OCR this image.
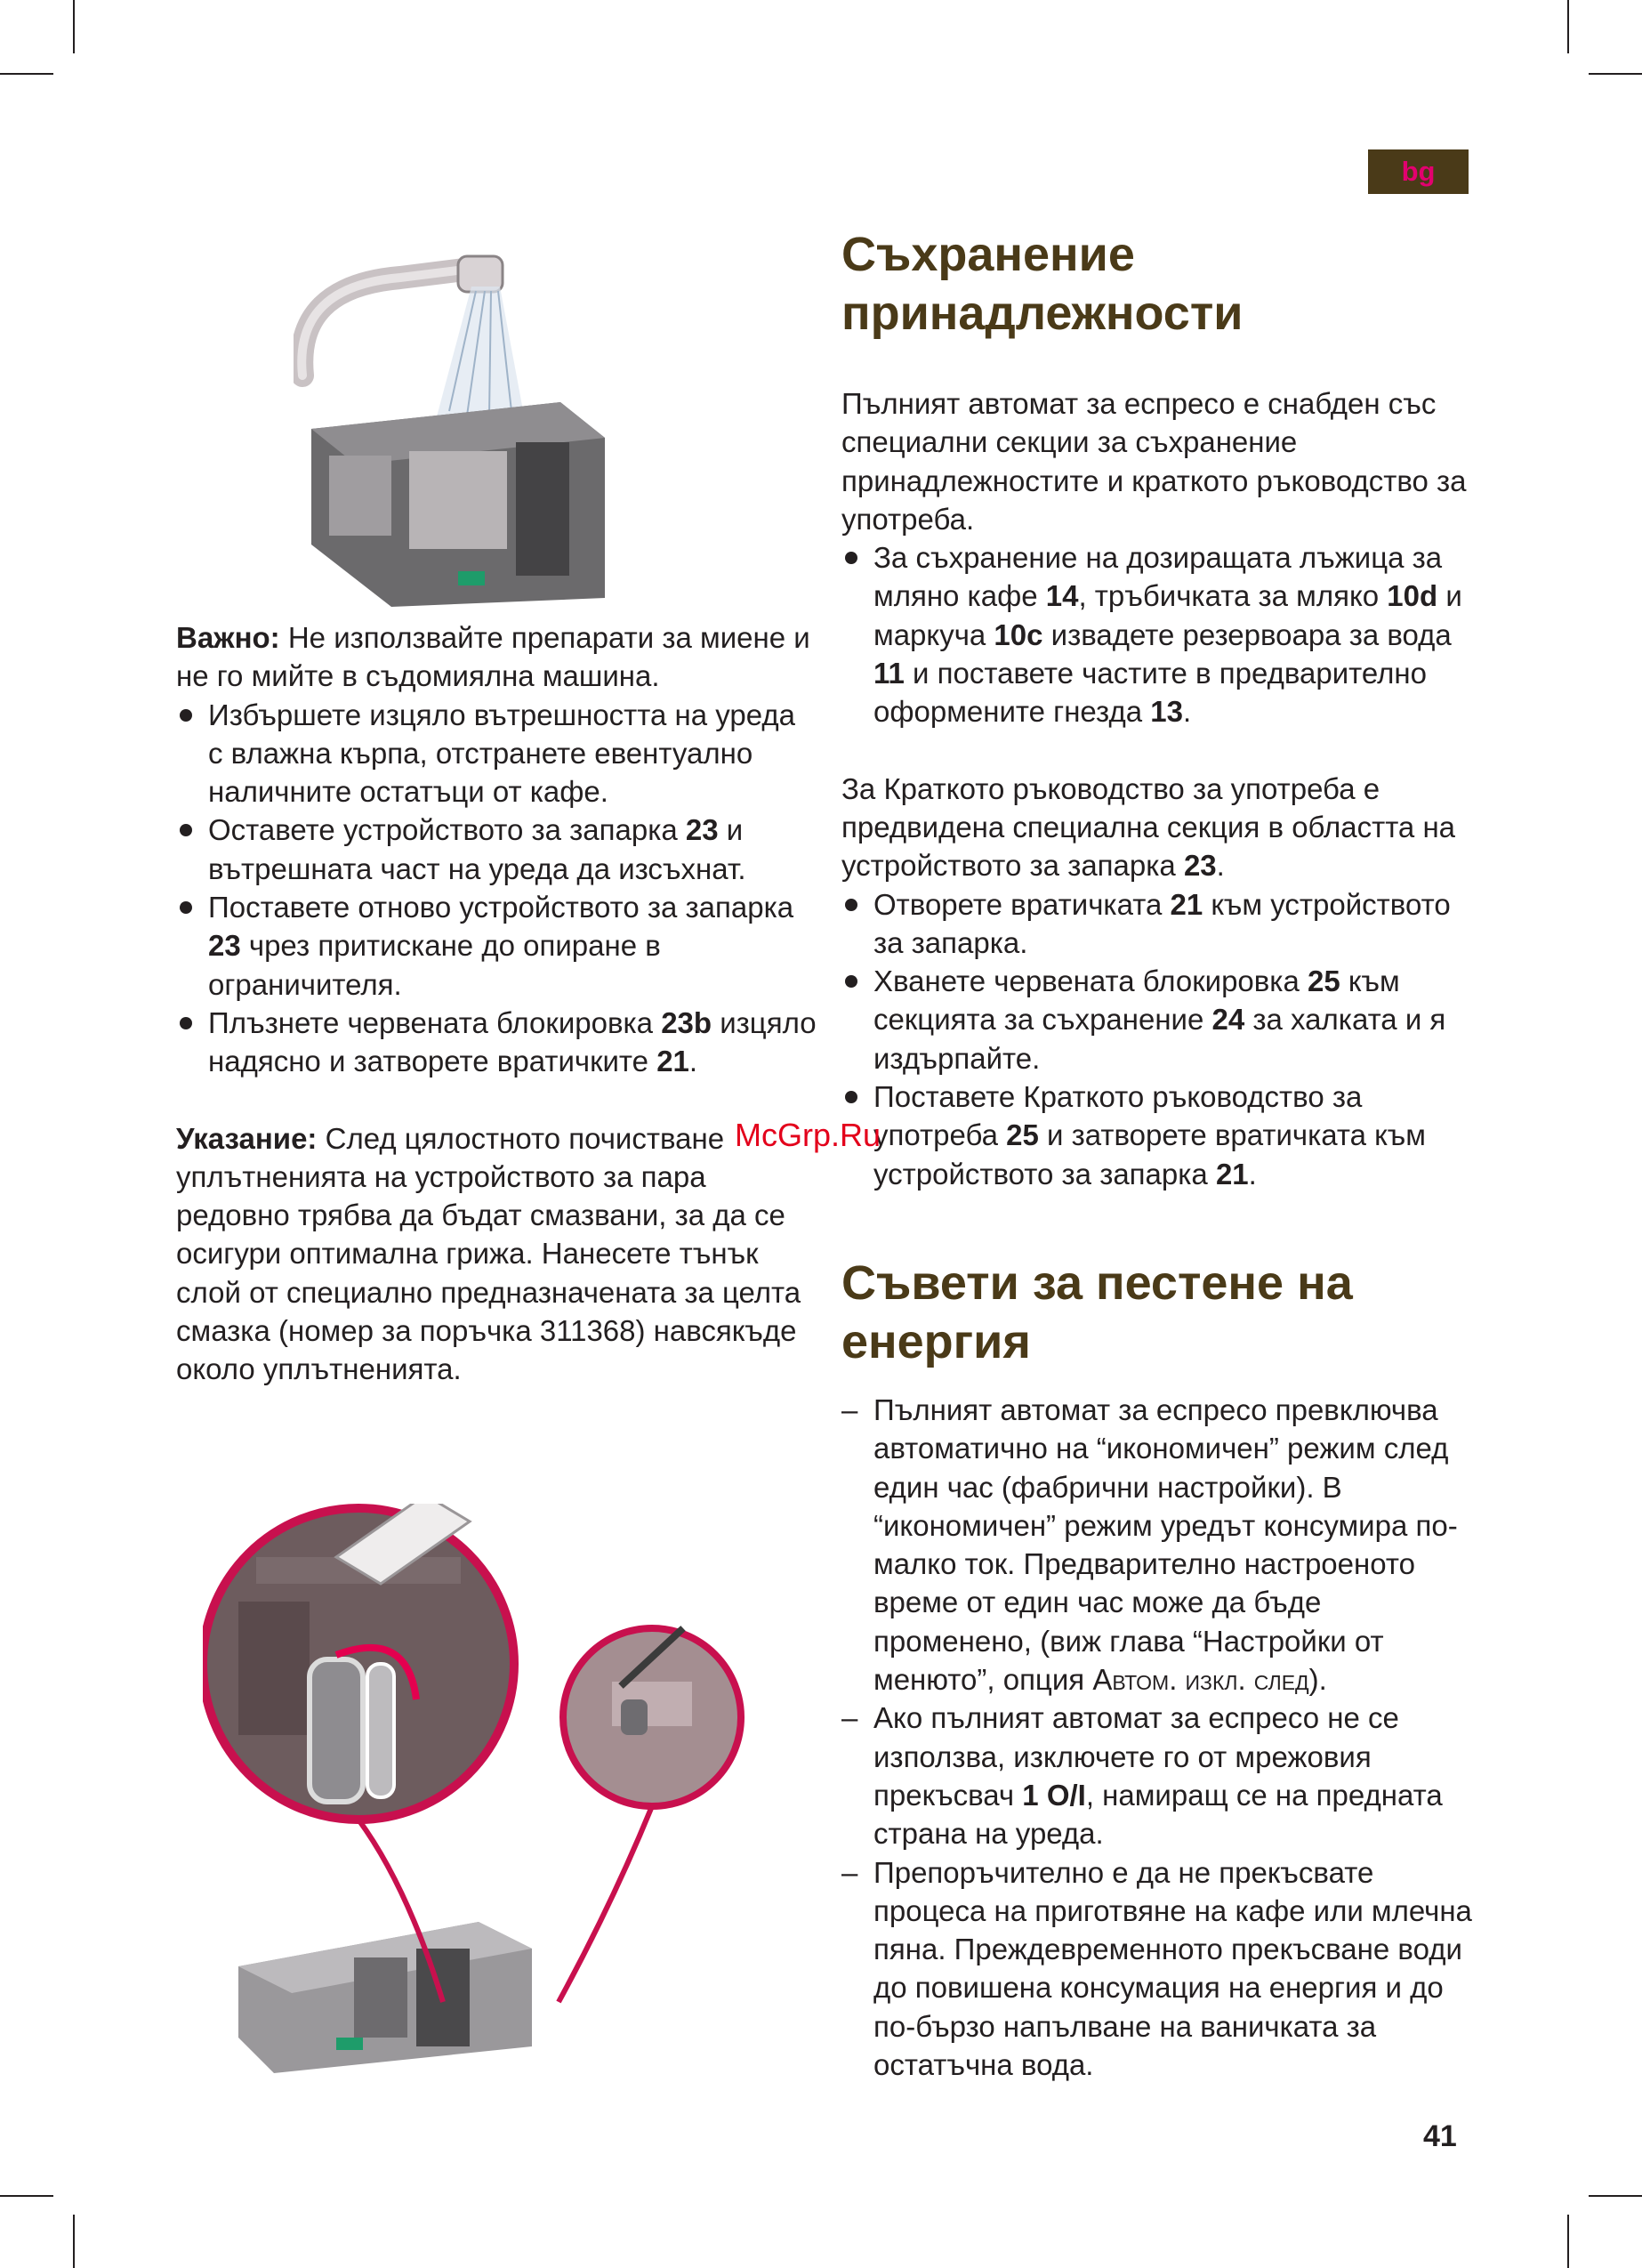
bg

Важно: Не използвайте препарати за миене и не го мийте в съдомиялна машина.

Избършете изцяло вътрешността на уреда с влажна кърпа, отстранете евентуално наличните остатъци от кафе.
Оставете устройството за запарка 23 и вътрешната част на уреда да изсъхнат.
Поставете отново устройството за запарка 23 чрез притискане до опиране в ограничителя.
Плъзнете червената блокировка 23b изцяло надясно и затворете вратичките 21.

Указание: След цялостното почистване уплътненията на устройството за пара редовно трябва да бъдат смазвани, за да се осигури оптимална грижа. Нанесете тънък слой от специално предназначената за целта смазка (номер за поръчка 311368) навсякъде около уплътненията.

Съхранение принадлежности

Пълният автомат за еспресо е снабден със специални секции за съхранение принадлежностите и краткото ръководство за употреба.

За съхранение на дозиращата лъжица за мляно кафе 14, тръбичката за мляко 10d и маркуча 10c извадете резервоара за вода 11 и поставете частите в предварително оформените гнезда 13.

За Краткото ръководство за употреба е предвидена специална секция в областта на устройството за запарка 23.

Отворете вратичката 21 към устройството за запарка.
Хванете червената блокировка 25 към секцията за съхранение 24 за халката и я издърпайте.
Поставете Краткото ръководство за употреба 25 и затворете вратичката към устройството за запарка 21.
Съвети за пестене на енергия
– Пълният автомат за еспресо превключва автоматично на “икономичен” режим след един час (фабрични настройки). В “икономичен” режим уредът консумира по-малко ток. Предварително настроеното време от един час може да бъде променено, (виж глава “Настройки от менюто”, опция Автом. изкл. след).
– Ако пълният автомат за еспресо не се използва, изключете го от мрежовия прекъсвач 1 O/I, намиращ се на предната страна на уреда.
– Препоръчително е да не прекъсвате процеса на приготвяне на кафе или млечна пяна. Преждевременното прекъсване води до повишена консумация на енергия и до по-бързо напълване на ваничката за остатъчна вода.
McGrp.Ru
41
